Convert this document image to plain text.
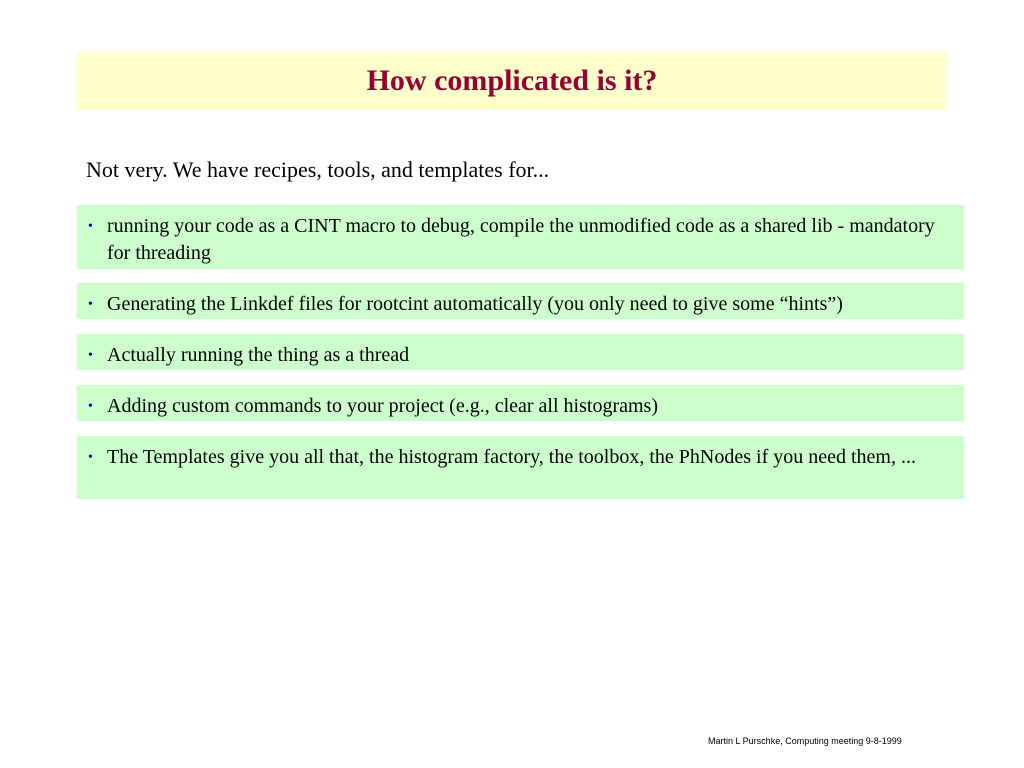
How complicated is it?
Not very. We have recipes, tools, and templates for...
• running your code as a CINT macro to debug, compile the unmodified code as a shared lib - mandatory for threading
• Generating the Linkdef files for rootcint automatically (you only need to give some “hints”)
• Actually running the thing as a thread
• Adding custom commands to your project (e.g., clear all histograms)
• The Templates give you all that, the histogram factory, the toolbox, the PhNodes if you need them, ...
Martin L Purschke, Computing meeting 9-8-1999
